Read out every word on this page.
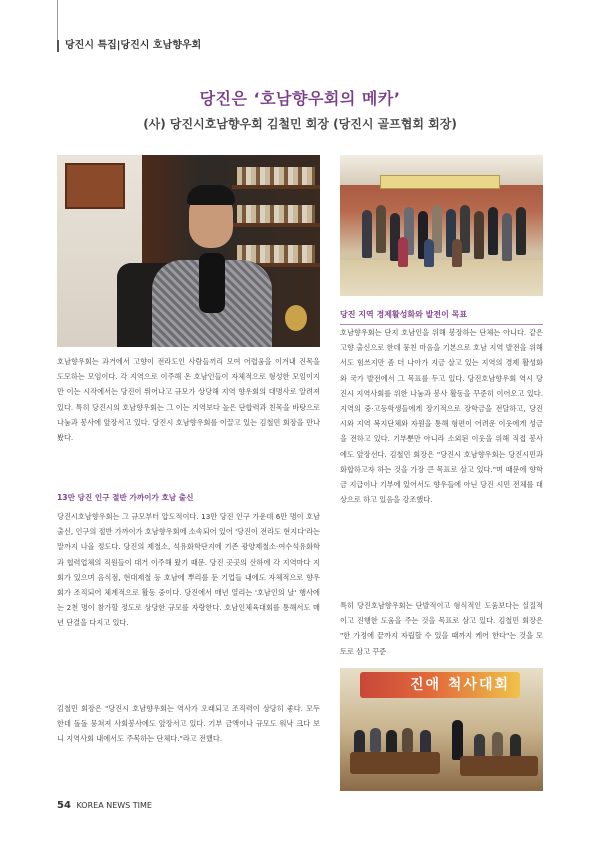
당진시 특집|당진시 호남향우회
당진은 ‘호남향우회의 메카’
(사) 당진시호남향우회 김철민 회장 (당진시 골프협회 회장)
당진 지역 경제활성화와 발전이 목표

호남향우회는 과거에서 고향이 전라도인 사람들끼리 모여 어렵움을 이겨내 진목을 도모하는 모임이다. 각 지역으로 이주해 온 호남인들이 자체적으로 형성한 모임이지만 이는 시작에서는 당진이 뛰어나고 규모가 상당해 지역 향우회의 대명사로 알려져 있다. 특히 당진시의 호남향우회는 그 이는 지역보다 높은 단합력과 친목을 바탕으로 나눔과 봉사에 앞장서고 있다. 당진시 호남향우회를 이끌고 있는 김철민 회장을 만나봤다.

13만 당진 인구 절반 가까이가 호남 출신

당진시호남향우회는 그 규모부터 압도적이다. 13만 당진 인구 가운데 6만 명이 호남 출신, 인구의 절반 가까이가 호남향우회에 소속되어 있어 '당진이 전라도 현지다'라는 말까지 나올 정도다. 당진의 제철소, 석유화학단지에 기존 광양제철소·여수석유화학과 협력업체의 직원들이 대거 이주해 왔기 때문. 당진 곳곳의 산하에 각 지역마다 지회가 있으며 음식점, 현대제철 등 호남에 뿌리를 둔 기업들 내에도 자체적으로 향우회가 조직되어 체계적으로 활동 중이다. 당진에서 매년 열리는 '호남인의 날' 행사에는 2천 명이 참가할 정도로 상당한 규모를 자랑한다. 호남인체육대회를 통해서도 매년 단결을 다지고 있다.

김철민 회장은 "당진시 호남향우회는 역사가 오래되고 조직력이 상당히 좋다. 모두 한데 돌돌 뭉쳐져 사회봉사에도 앞장서고 있다. 기부 금액이나 규모도 워낙 크다 보니 지역사회 내에서도 주목하는 단체다."라고 전했다.

호남향우회는 단지 호남인을 위해 봉장하는 단체는 아니다. 같은 고향 출신으로 한데 뭉친 마음을 기본으로 호남 지역 발전을 위해서도 힘쓰지만 좀 더 나아가 지금 살고 있는 지역의 경제 활성화와 국가 발전에서 그 목표를 두고 있다. 당진호남향우회 역시 당진시 지역사회를 위한 나눔과 봉사 활동을 꾸준히 이어오고 있다. 지역의 중·고등학생들에게 장기적으로 장학금을 전달하고, 당진시와 지역 복지단체와 자원을 통해 형편이 어려운 이웃에게 성금을 전하고 있다. 기부뿐만 아니라 소외된 이웃을 위해 직접 봉사에도 앞장선다. 김철민 회장은 "당진시 호남향우회는 당진시민과 화합하고자 하는 것을 가장 큰 목표로 삼고 있다."며 때문에 향학금 지급이나 기부에 있어서도 향우들에 아닌 당진 시민 전체를 대상으로 하고 있음을 강조했다.

특히 당진호남향우회는 단발적이고 형식적인 도움보다는 실질적이고 진행한 도움을 주는 것을 목표로 삼고 있다. 김철민 회장은 "한 가정에 끝까지 자립할 수 있을 때까지 케어 한다"는 것을 모토로 삼고 꾸준

진애 척사대회
54 KOREA NEWS TIME
